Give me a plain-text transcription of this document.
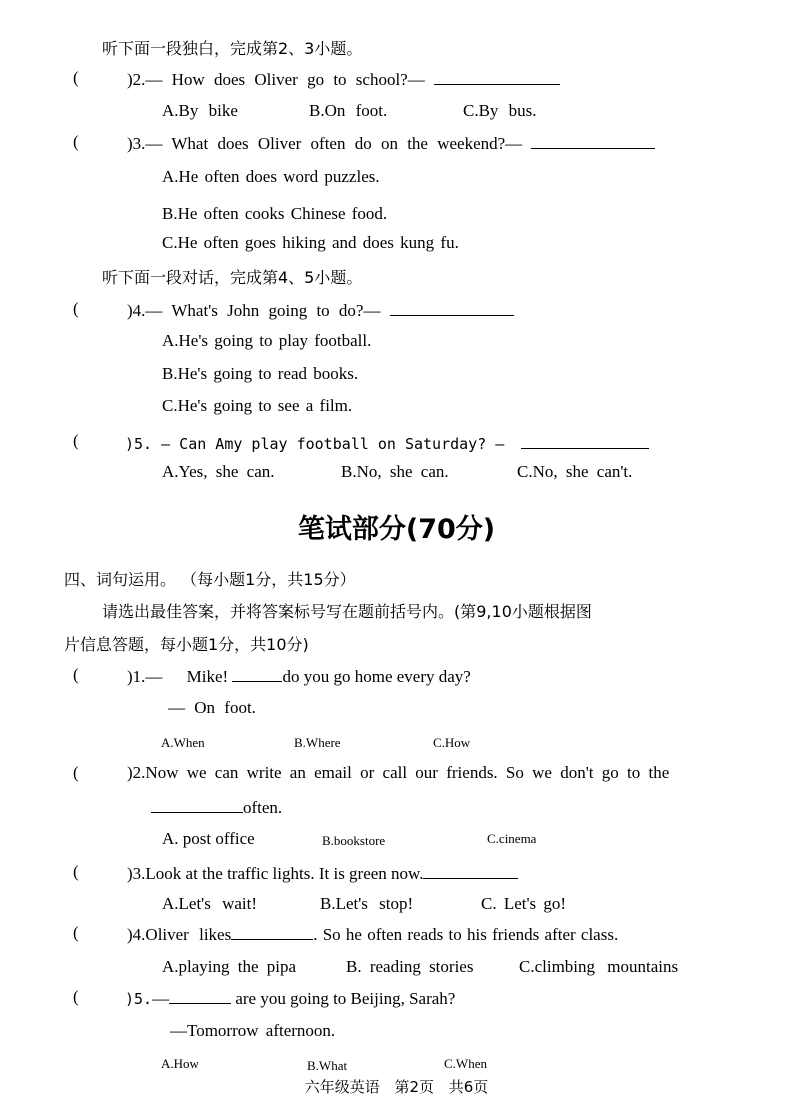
听下面一段独白，完成第2、3小题。
(	)2.— How does Oliver go to school?—
A.By bike	B.On foot.	C.By bus.
(	)3.— What does Oliver often do on the weekend?—
A.He often does word puzzles.
B.He often cooks Chinese food.
C.He often goes hiking and does kung fu.
听下面一段对话，完成第4、5小题。
(	)4.— What's John going to do?—
A.He's going to play football.
B.He's going to read books.
C.He's going to see a film.
(	)5. — Can Amy play football on Saturday? —
A.Yes, she can.	B.No, she can.	C.No, she can't.
笔试部分(70分)
四、词句运用。 （每小题1分，共15分）
请选出最佳答案，并将答案标号写在题前括号内。(第9,10小题根据图
片信息答题，每小题1分，共10分)
(	)1.— Mike!	do you go home every day?
— On foot.
A.When	B.Where	C.How
(	)2.Now we can write an email or call our friends. So we don't go to the
often.
A. post office	B.bookstore	C.cinema
(	)3.Look at the traffic lights. It is green now.
A.Let's wait!	B.Let's stop!	C. Let's go!
(	)4.Oliver likes	. So he often reads to his friends after class.
A.playing the pipa	B. reading stories	C.climbing mountains
(	)5.—	are you going to Beijing, Sarah?
—Tomorrow afternoon.
A.How	B.What	C.When
六年级英语 第2页 共6页
